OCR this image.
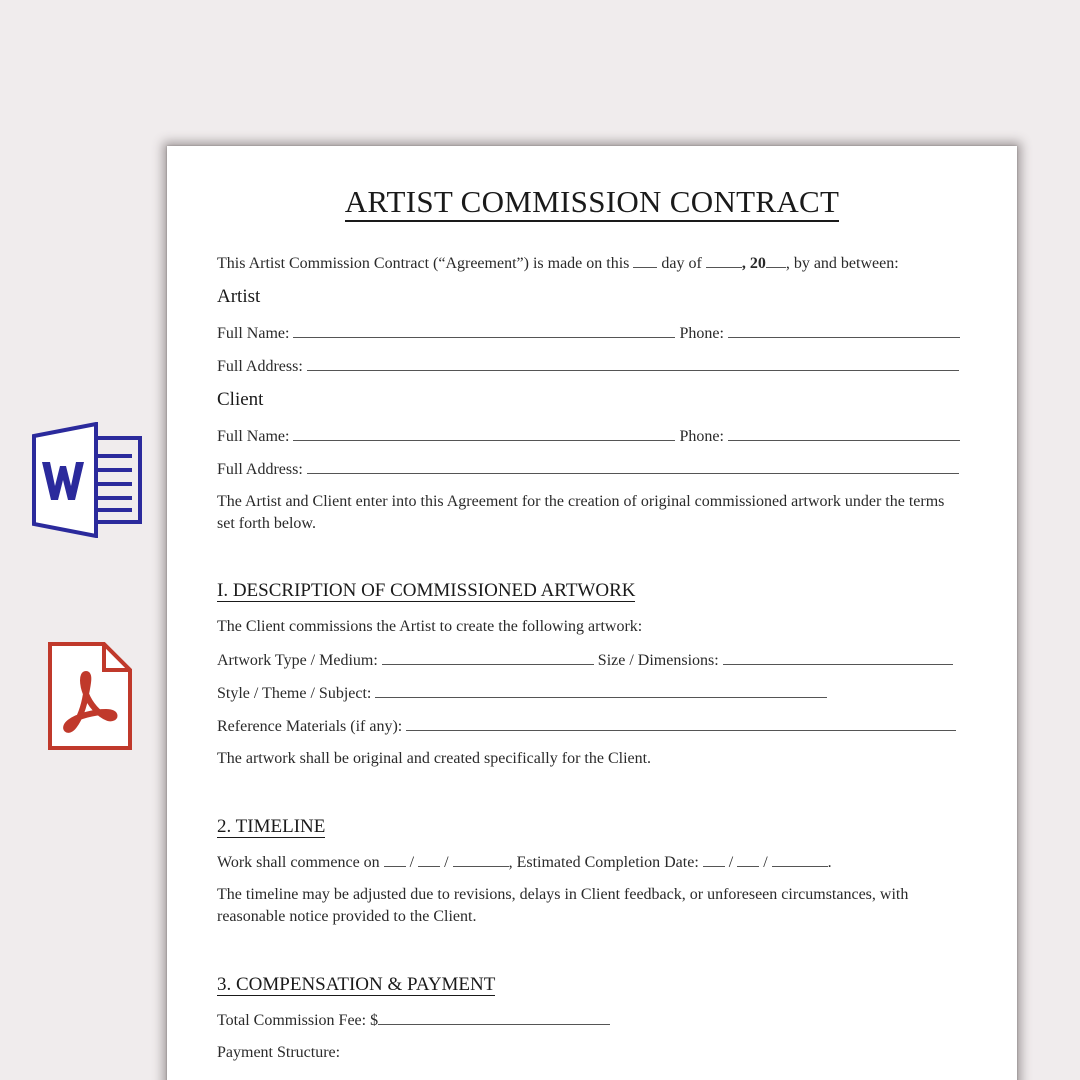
ARTIST COMMISSION CONTRACT
This Artist Commission Contract (“Agreement”) is made on this day of	, 20 , by and between:
Artist
Full Name:	Phone:
Full Address:
Client
Full Name:	Phone:
Full Address:
The Artist and Client enter into this Agreement for the creation of original commissioned artwork under the terms set forth below.
I. DESCRIPTION OF COMMISSIONED ARTWORK
The Client commissions the Artist to create the following artwork:
Artwork Type / Medium:	Size / Dimensions:
Style / Theme / Subject:
Reference Materials (if any):
The artwork shall be original and created specifically for the Client.
2. TIMELINE
Work shall commence on  /  /	, Estimated Completion Date:  /  /	.
The timeline may be adjusted due to revisions, delays in Client feedback, or unforeseen circumstances, with reasonable notice provided to the Client.
3. COMPENSATION & PAYMENT
Total Commission Fee: $
Payment Structure:
